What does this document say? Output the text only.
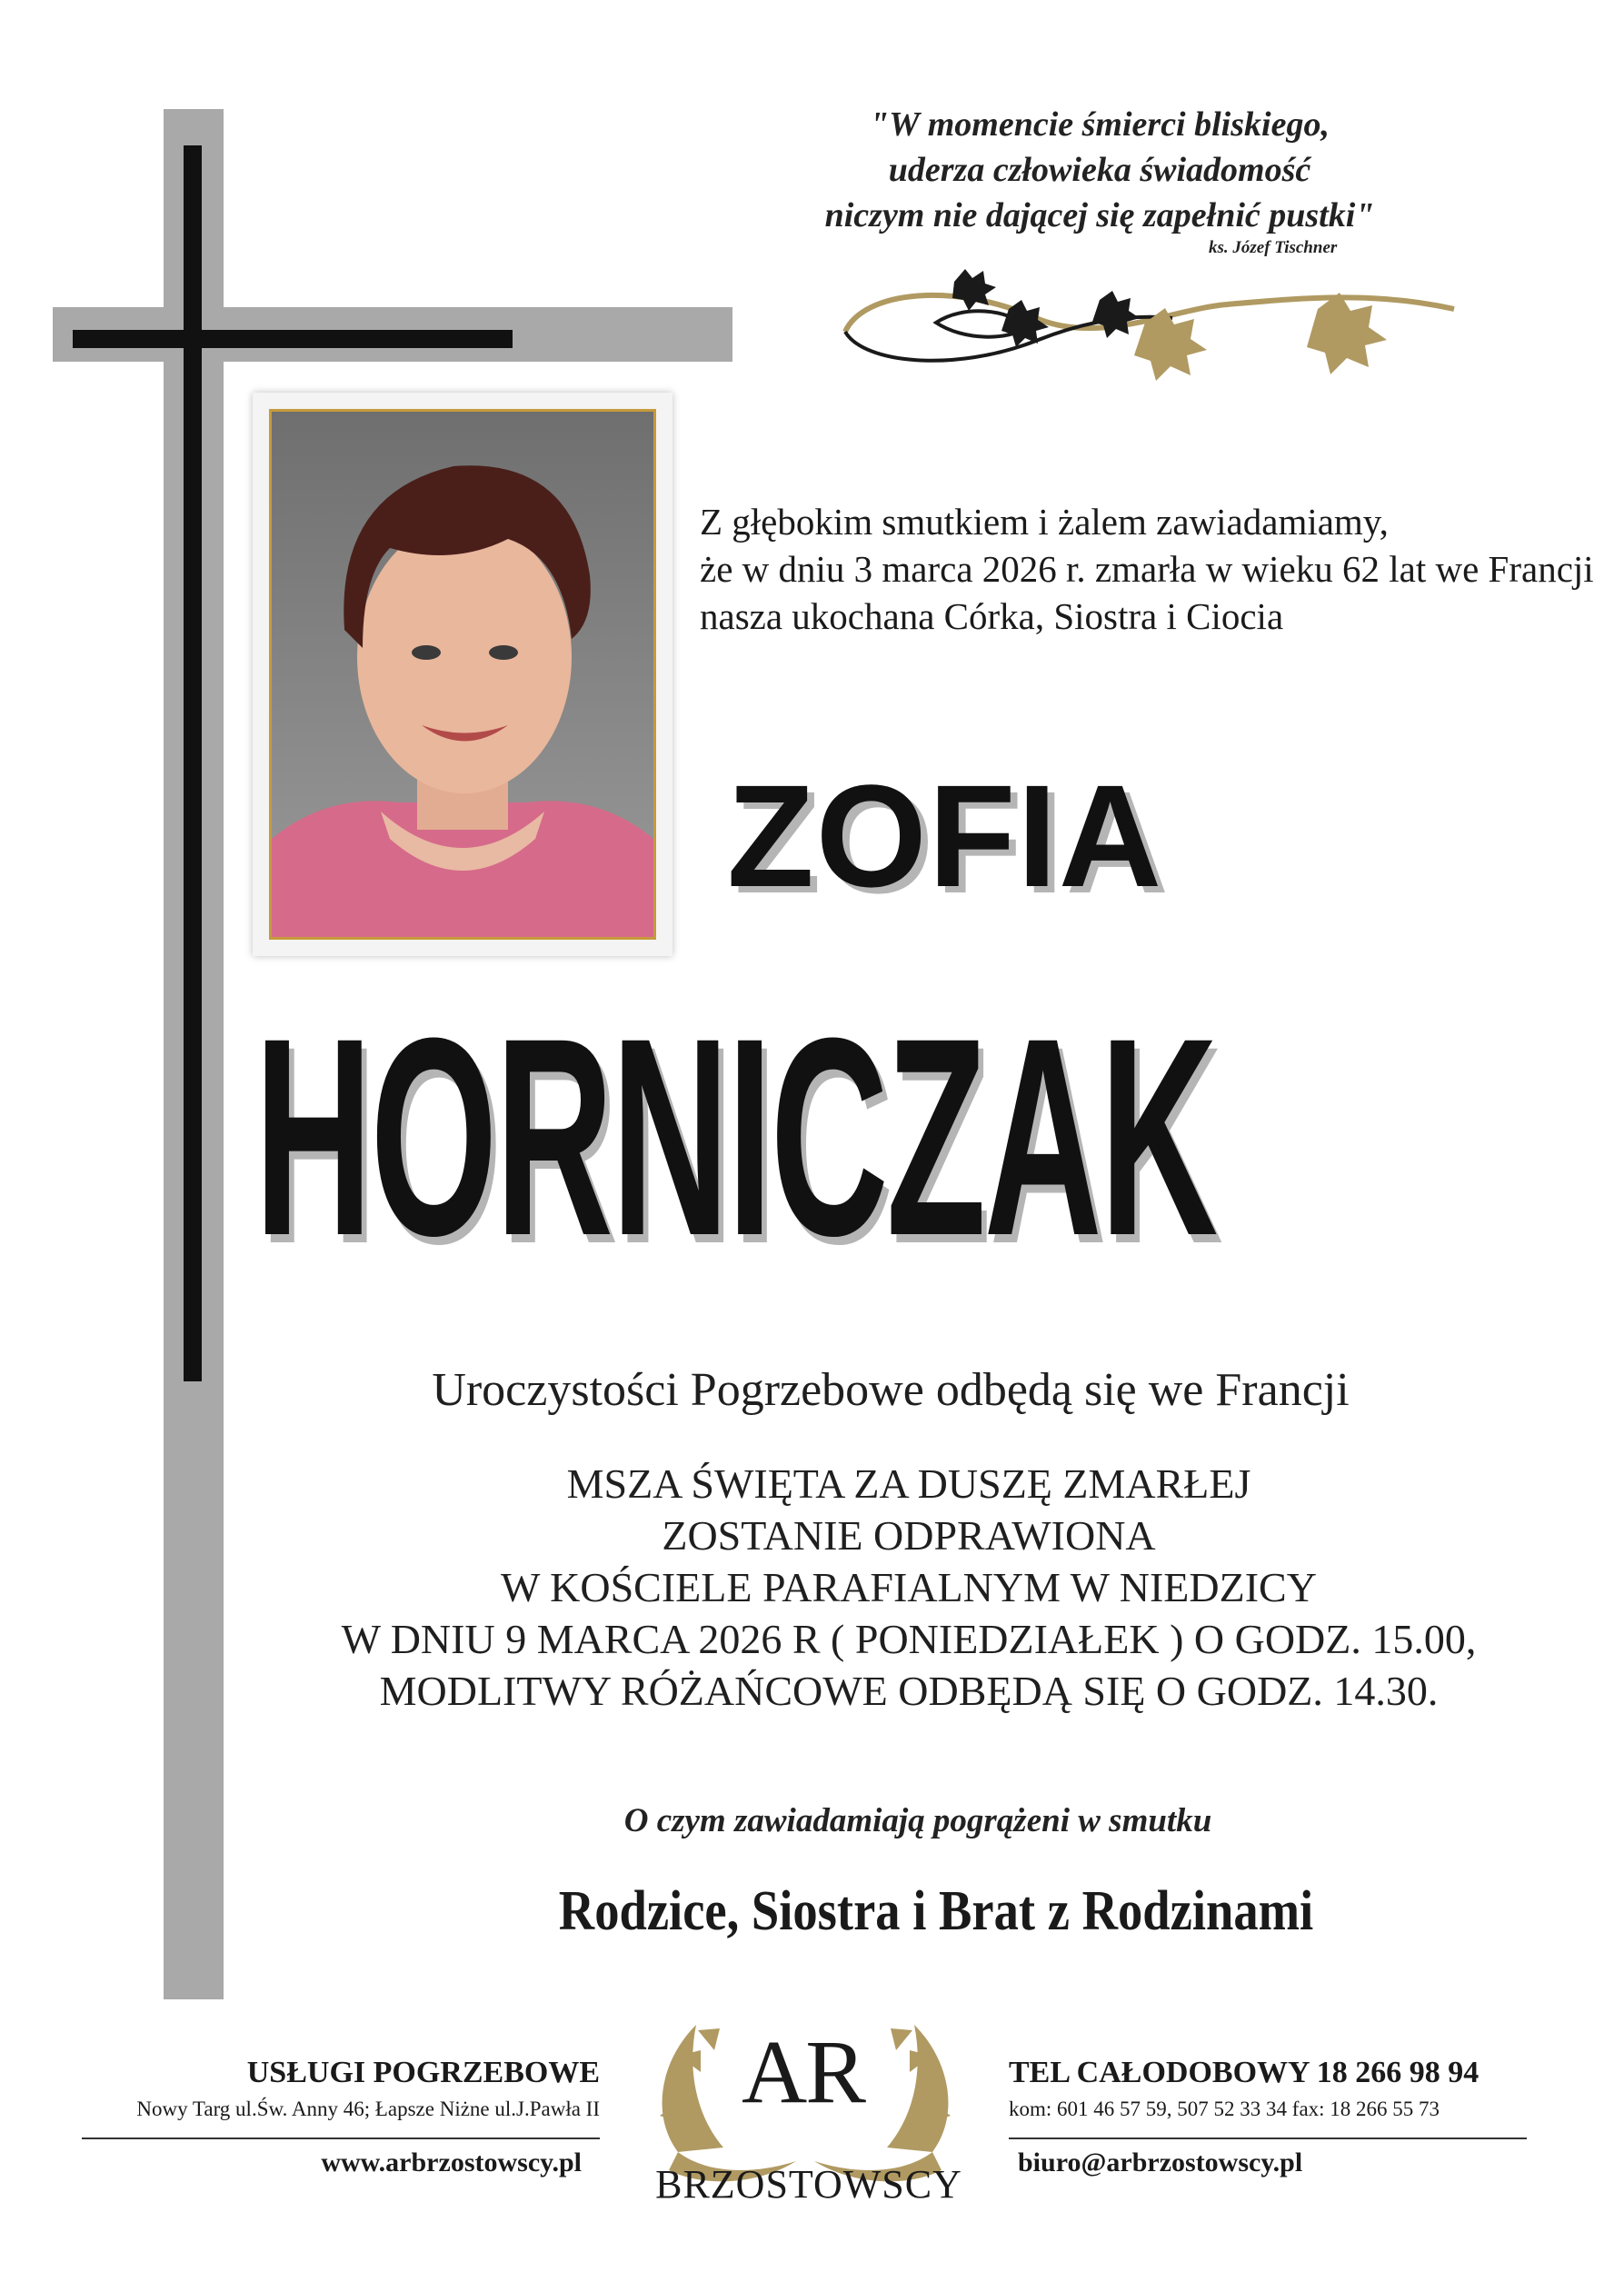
"W momencie śmierci bliskiego,
uderza człowieka świadomość
niczym nie dającej się zapełnić pustki"
ks. Józef Tischner
Z głębokim smutkiem i żalem zawiadamiamy,
że w dniu 3 marca 2026 r. zmarła w wieku 62 lat we Francji
nasza ukochana Córka, Siostra i Ciocia
ZOFIA
HORNICZAK
Uroczystości Pogrzebowe odbędą się we Francji
MSZA ŚWIĘTA ZA DUSZĘ ZMARŁEJ
ZOSTANIE ODPRAWIONA
W KOŚCIELE PARAFIALNYM W NIEDZICY
W DNIU 9 MARCA 2026 R ( PONIEDZIAŁEK ) O GODZ. 15.00,
MODLITWY RÓŻAŃCOWE ODBĘDĄ SIĘ O GODZ. 14.30.
O czym zawiadamiają pogrążeni w smutku
Rodzice, Siostra i Brat z Rodzinami
USŁUGI POGRZEBOWE
Nowy Targ ul.Św. Anny 46; Łapsze Niżne ul.J.Pawła II
www.arbrzostowscy.pl
AR
BRZOSTOWSCY
TEL CAŁODOBOWY 18 266 98 94
kom: 601 46 57 59, 507 52 33 34 fax: 18 266 55 73
biuro@arbrzostowscy.pl
